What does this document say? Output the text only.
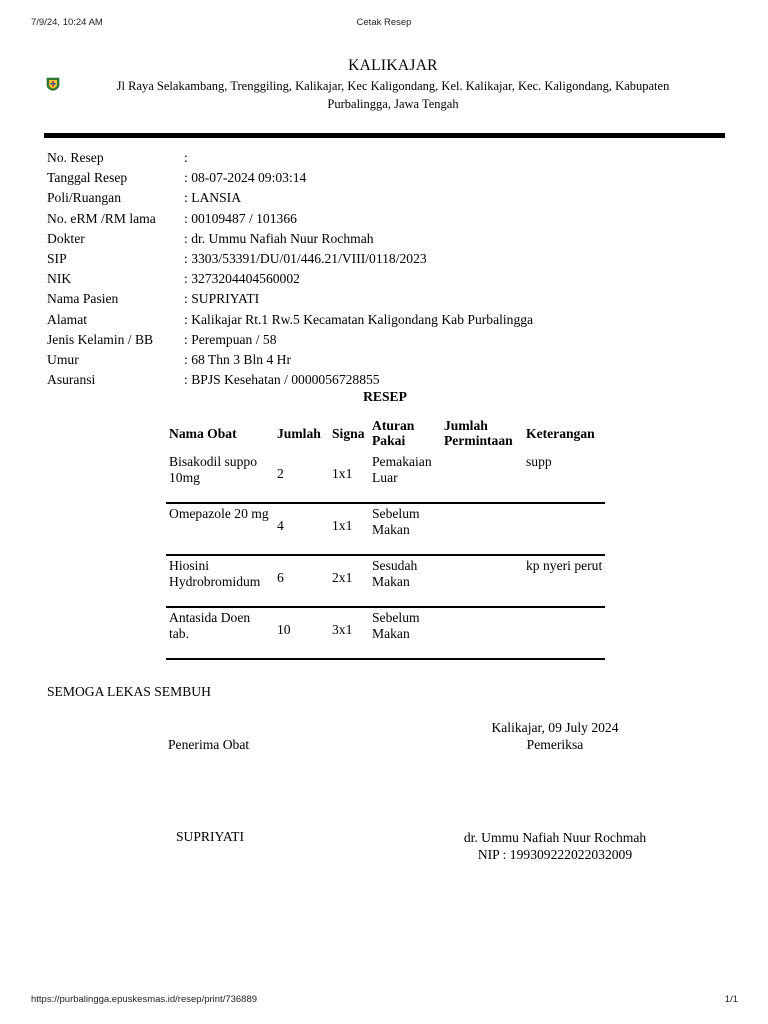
7/9/24, 10:24 AM	Cetak Resep
KALIKAJAR
Jl Raya Selakambang, Trenggiling, Kalikajar, Kec Kaligondang, Kel. Kalikajar, Kec. Kaligondang, Kabupaten
Purbalingga, Jawa Tengah
No. Resep
:
Tanggal Resep	: 08-07-2024 09:03:14
Poli/Ruangan	: LANSIA
No. eRM /RM lama	: 00109487 / 101366
Dokter	: dr. Ummu Nafiah Nuur Rochmah
SIP	: 3303/53391/DU/01/446.21/VIII/0118/2023
NIK	: 3273204404560002
Nama Pasien	: SUPRIYATI
Alamat	: Kalikajar Rt.1 Rw.5 Kecamatan Kaligondang Kab Purbalingga
Jenis Kelamin / BB	: Perempuan / 58
Umur	: 68 Thn 3 Bln 4 Hr
Asuransi	: BPJS Kesehatan / 0000056728855
RESEP
Nama Obat	Jumlah	Signa	Aturan Pakai	Jumlah Permintaan	Keterangan
Bisakodil suppo 10mg	2	1x1	Pemakaian Luar		supp
Omepazole 20 mg	4	1x1	Sebelum Makan		
Hiosini Hydrobromidum	6	2x1	Sesudah Makan		kp nyeri perut
Antasida Doen tab.	10	3x1	Sebelum Makan		
SEMOGA LEKAS SEMBUH
Penerima Obat
Kalikajar, 09 July 2024
Pemeriksa
SUPRIYATI	dr. Ummu Nafiah Nuur Rochmah
NIP : 199309222022032009
https://purbalingga.epuskesmas.id/resep/print/736889	1/1
